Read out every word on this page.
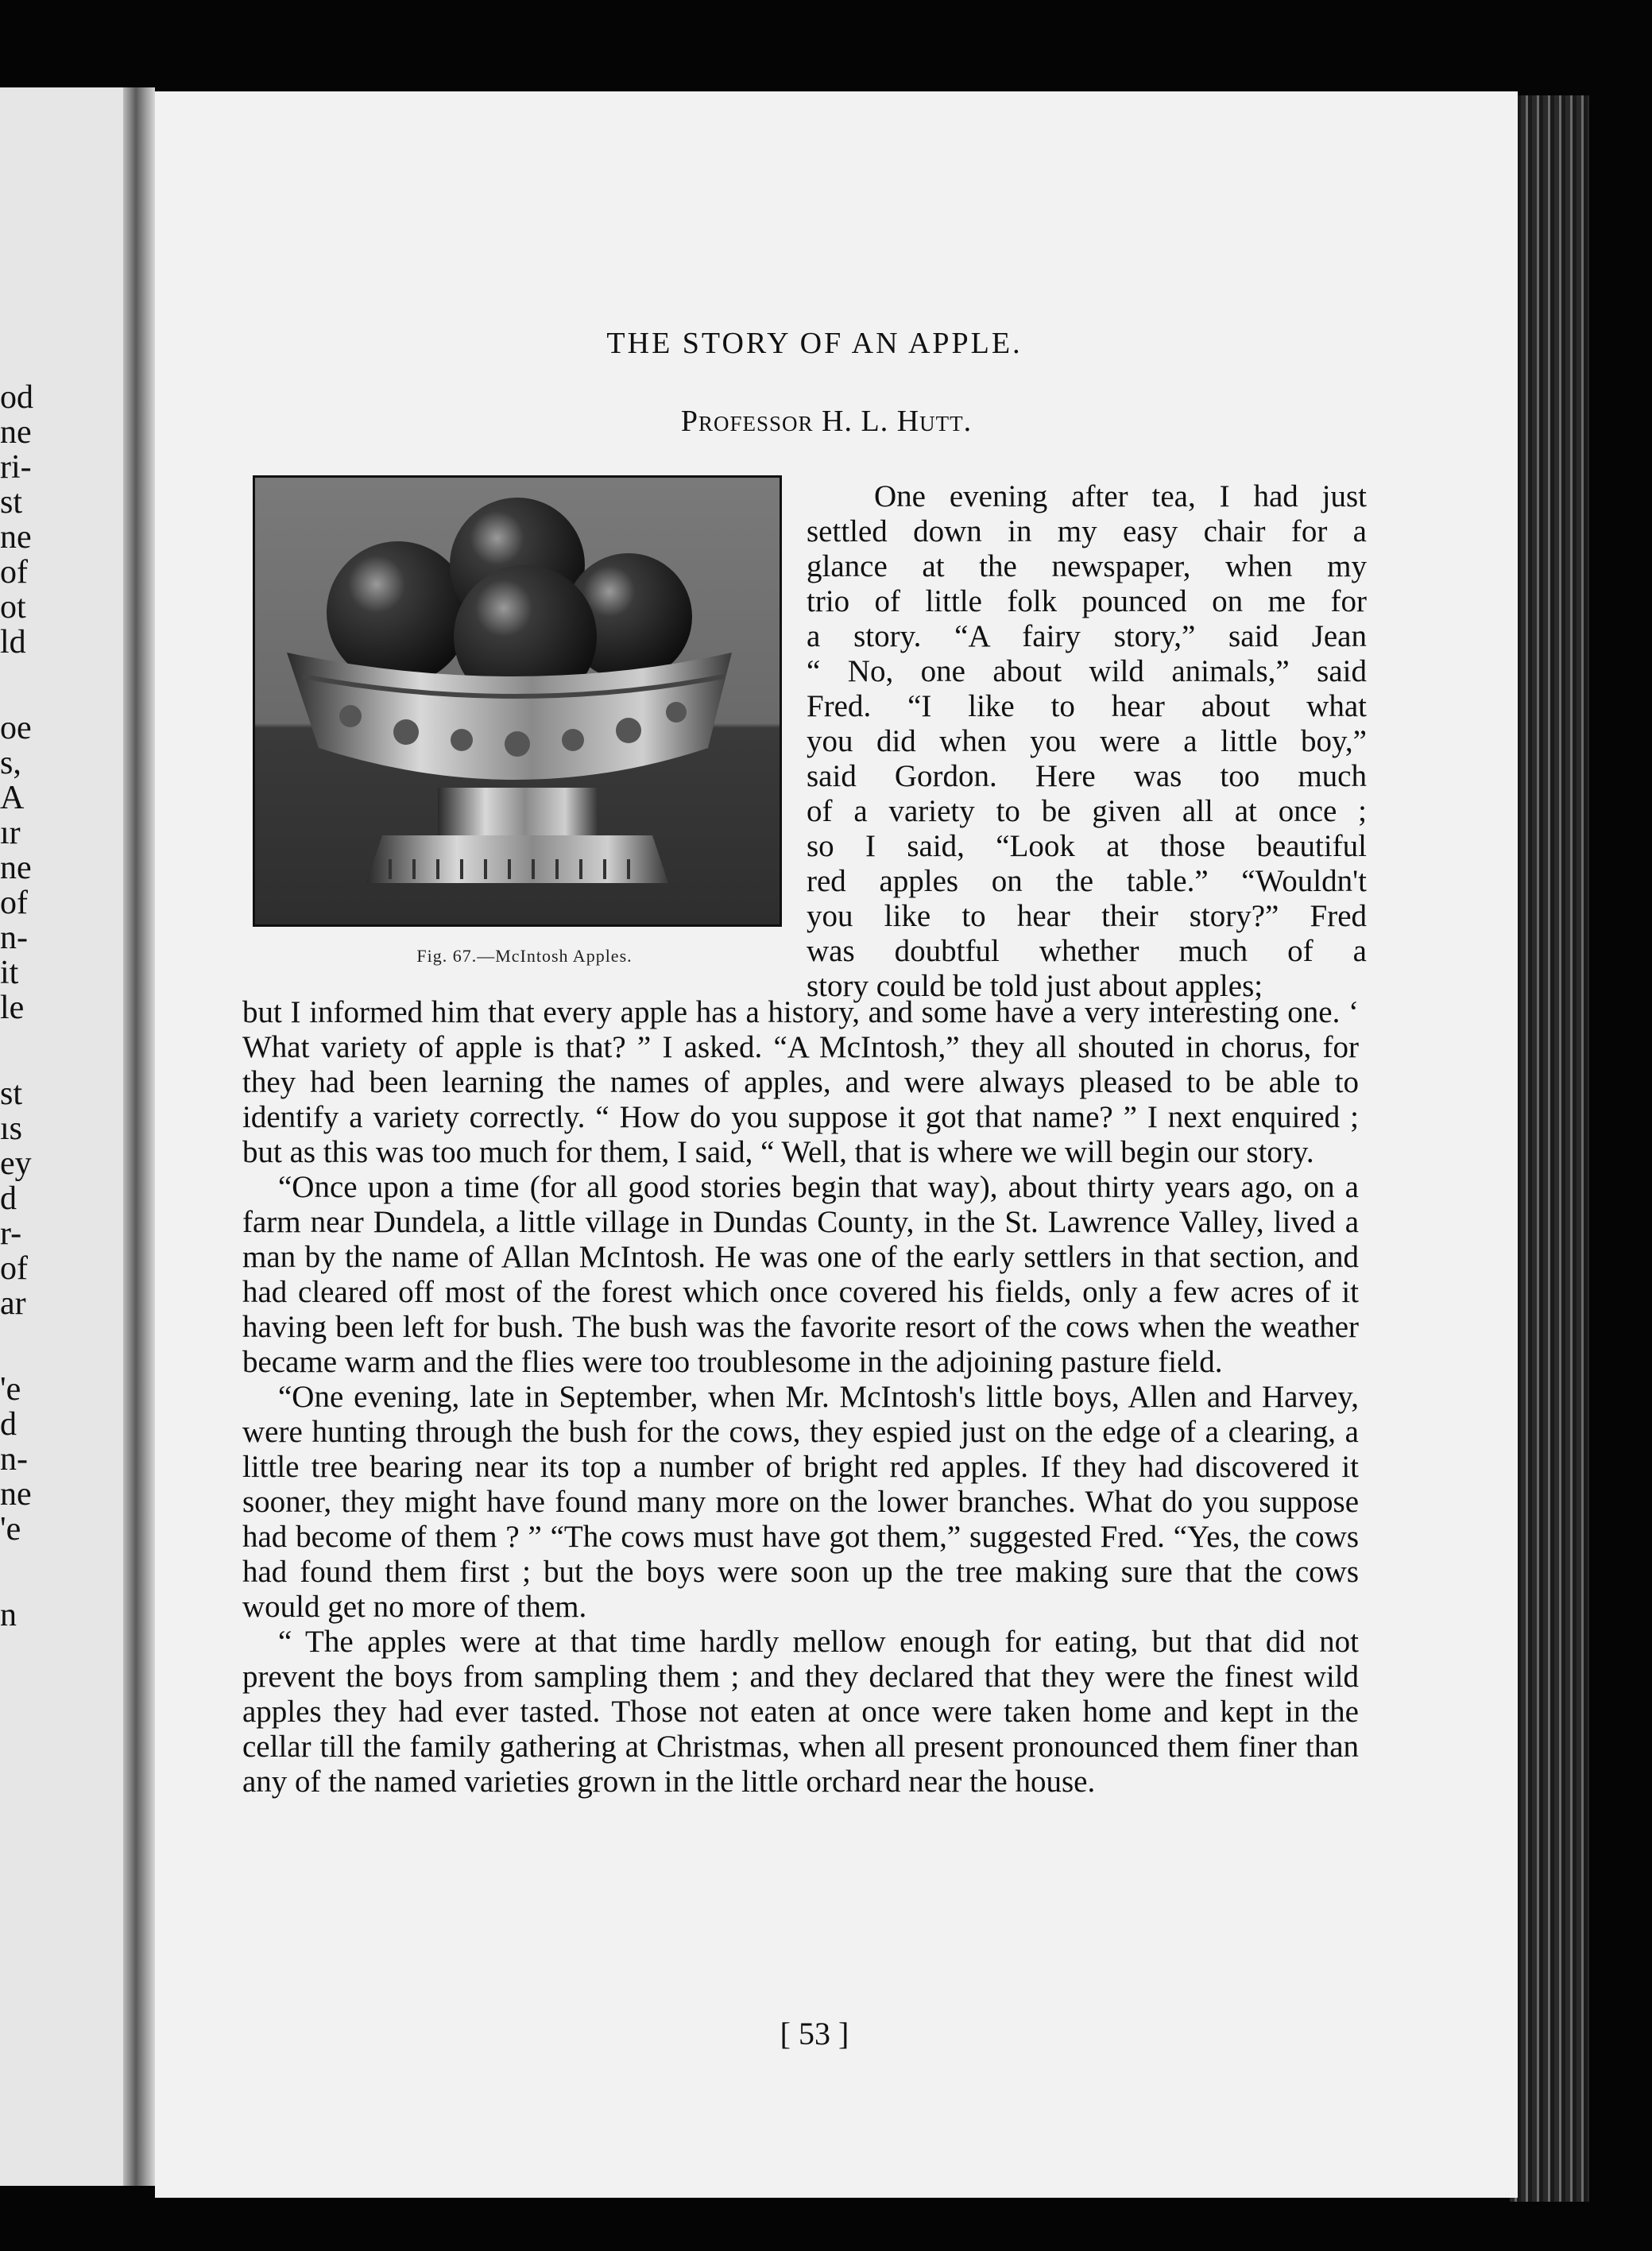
od
ne
ri-
st
ne
of
ot
ld
oe
s,
A
ır
ne
of
n-
it
le
st
ıs
ey
d
r-
of
ar
'e
d
n-
ne
'e
n
THE STORY OF AN APPLE.
Professor H. L. Hutt.
Fig. 67.—McIntosh Apples.
One evening after tea, I had just
settled down in my easy chair for a
glance at the newspaper, when my
trio of little folk pounced on me for
a story. “A fairy story,” said Jean
“ No, one about wild animals,” said
Fred. “I like to hear about what
you did when you were a little boy,”
said Gordon. Here was too much
of a variety to be given all at once ;
so I said, “Look at those beautiful
red apples on the table.” “Wouldn't
you like to hear their story?” Fred
was doubtful whether much of a
story could be told just about apples;

but I informed him that every apple has a history, and some have a very interesting one. ‘ What variety of apple is that? ” I asked. “A McIntosh,” they all shouted in chorus, for they had been learning the names of apples, and were always pleased to be able to identify a variety correctly. “ How do you suppose it got that name? ” I next enquired ; but as this was too much for them, I said, “ Well, that is where we will begin our story.

“Once upon a time (for all good stories begin that way), about thirty years ago, on a farm near Dundela, a little village in Dundas County, in the St. Lawrence Valley, lived a man by the name of Allan McIntosh. He was one of the early settlers in that section, and had cleared off most of the forest which once covered his fields, only a few acres of it having been left for bush. The bush was the favorite resort of the cows when the weather became warm and the flies were too troublesome in the adjoining pasture field.

“One evening, late in September, when Mr. McIntosh's little boys, Allen and Harvey, were hunting through the bush for the cows, they espied just on the edge of a clearing, a little tree bearing near its top a number of bright red apples. If they had discovered it sooner, they might have found many more on the lower branches. What do you suppose had become of them ? ” “The cows must have got them,” suggested Fred. “Yes, the cows had found them first ; but the boys were soon up the tree making sure that the cows would get no more of them.

“ The apples were at that time hardly mellow enough for eating, but that did not prevent the boys from sampling them ; and they declared that they were the finest wild apples they had ever tasted. Those not eaten at once were taken home and kept in the cellar till the family gathering at Christmas, when all present pronounced them finer than any of the named varieties grown in the little orchard near the house.

[ 53 ]
